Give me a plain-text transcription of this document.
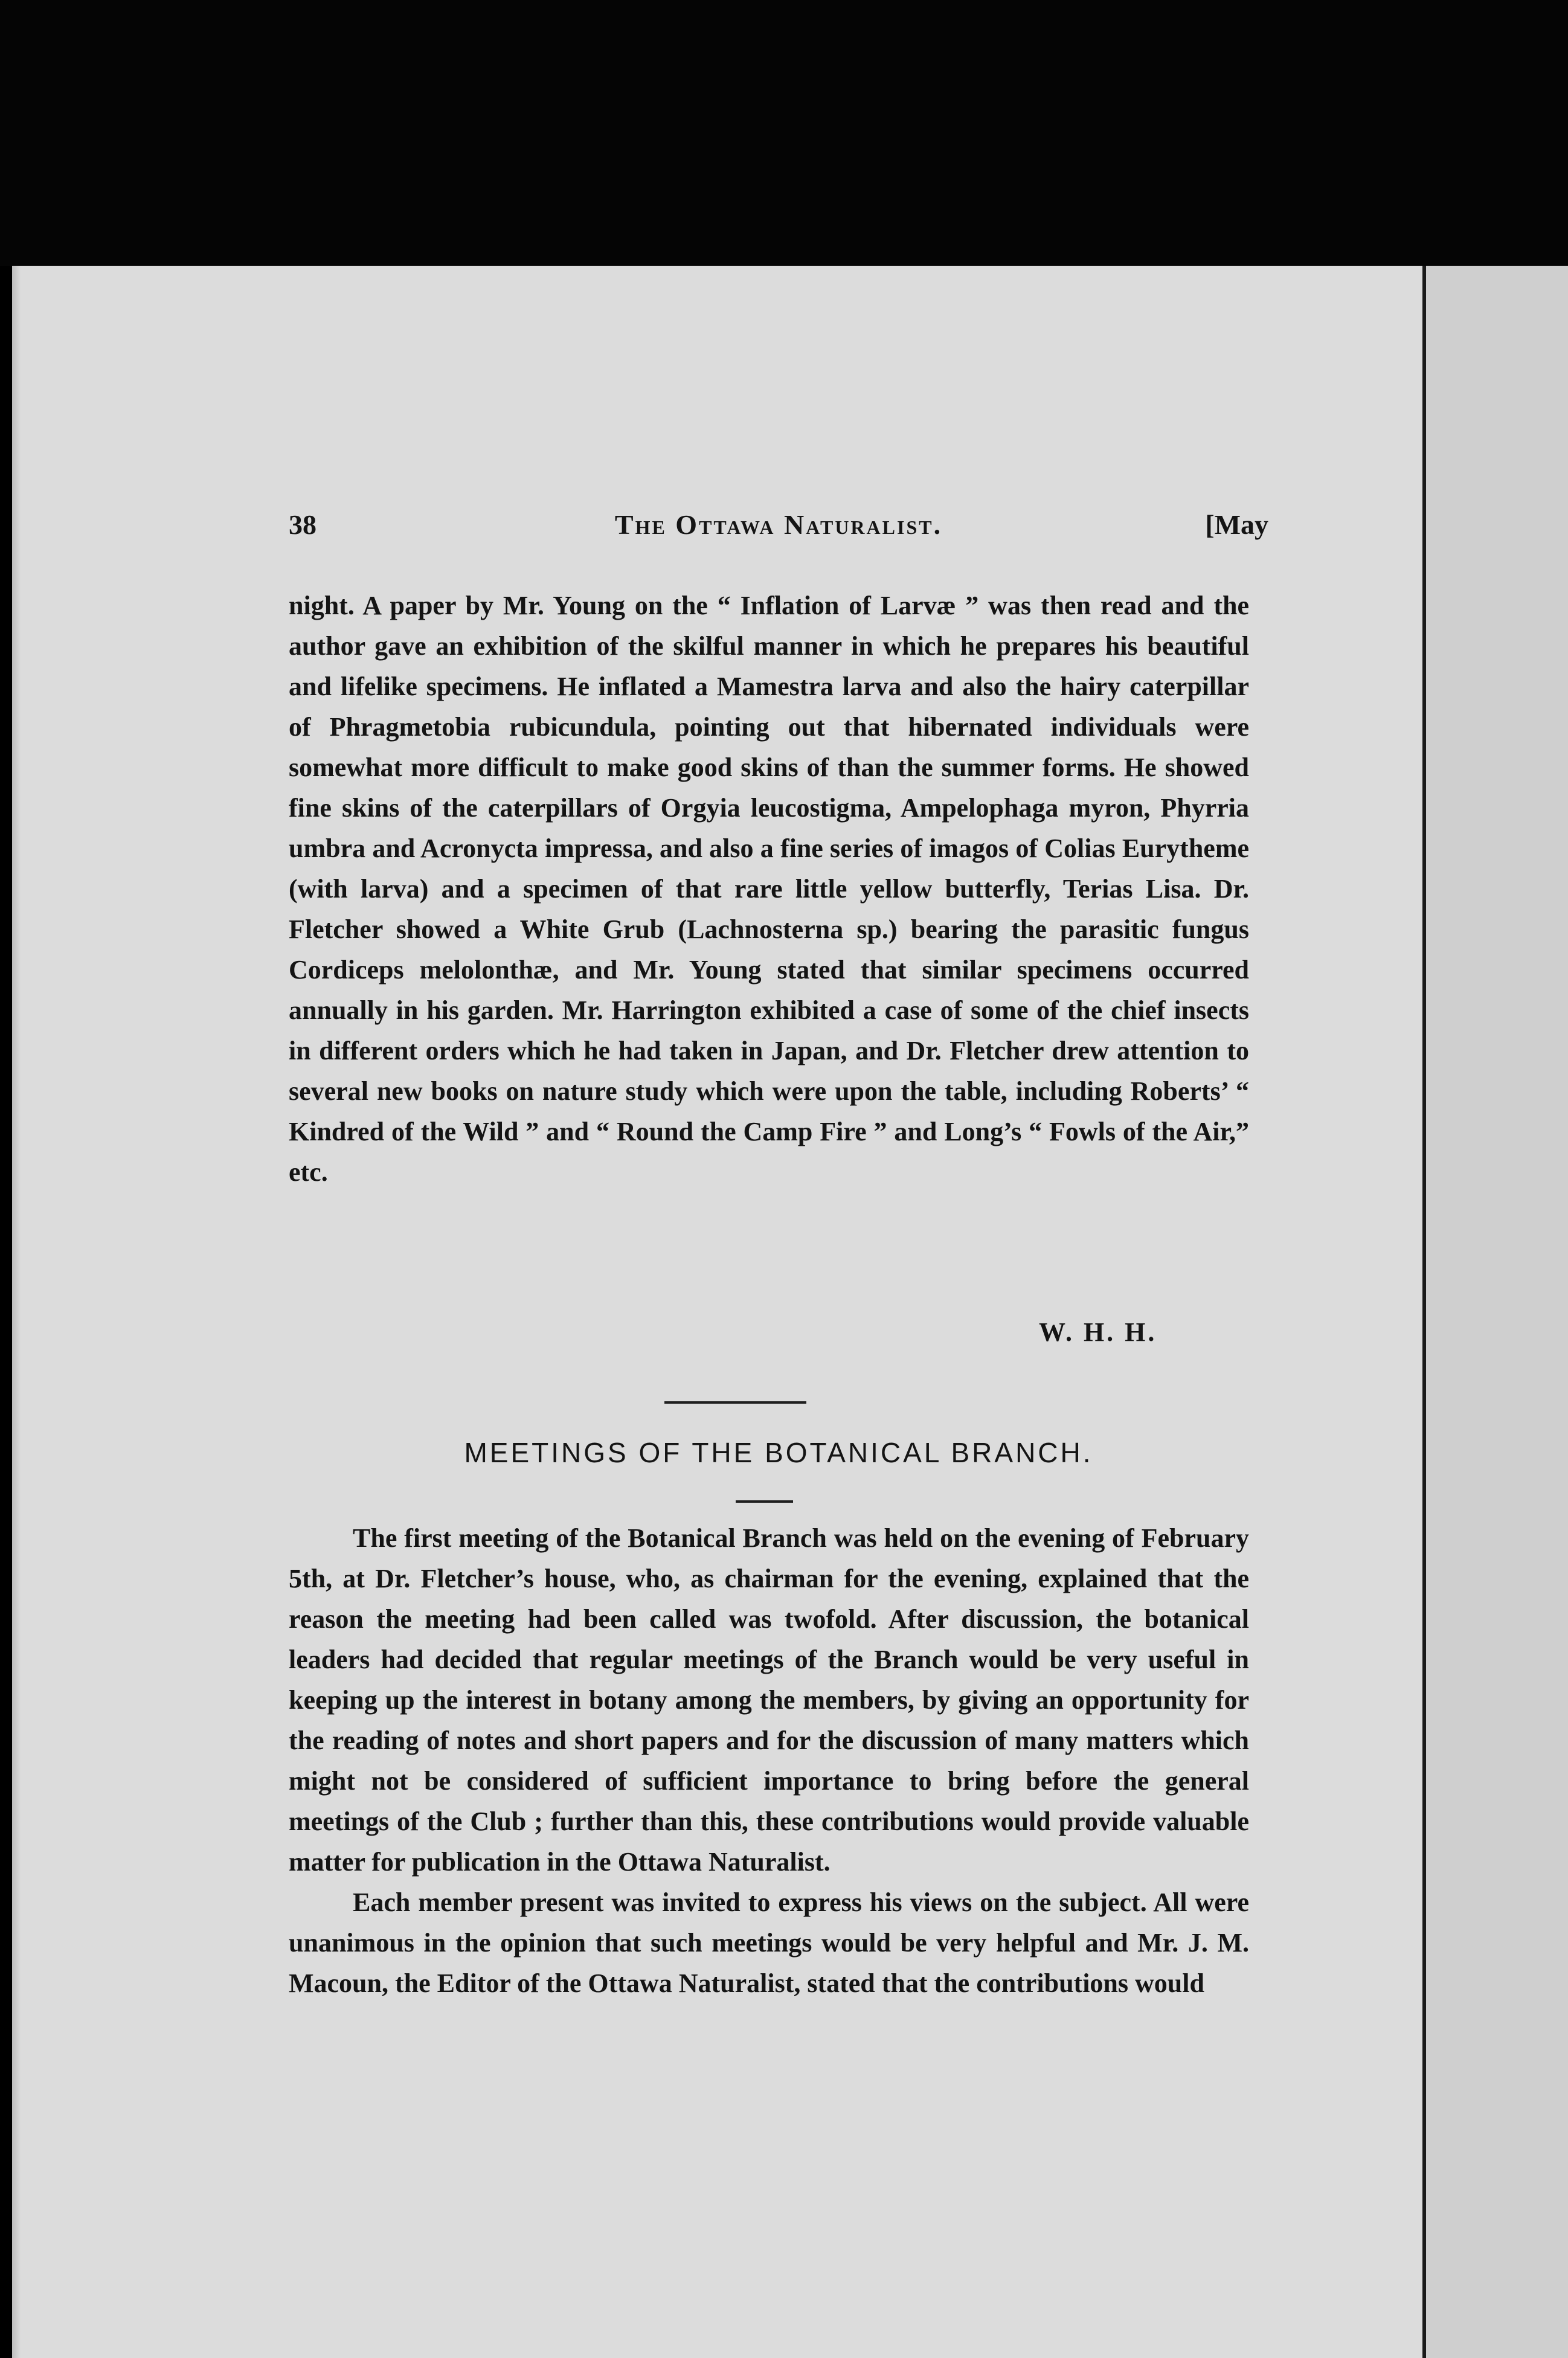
38	The Ottawa Naturalist.	[May

night. A paper by Mr. Young on the “ Inflation of Larvæ ” was then read and the author gave an exhibition of the skilful manner in which he prepares his beautiful and lifelike specimens. He inflated a Mamestra larva and also the hairy caterpillar of Phragmetobia rubicundula, pointing out that hibernated individuals were somewhat more difficult to make good skins of than the summer forms. He showed fine skins of the caterpillars of Orgyia leucostigma, Ampelophaga myron, Phyrria umbra and Acronycta impressa, and also a fine series of imagos of Colias Eurytheme (with larva) and a specimen of that rare little yellow butterfly, Terias Lisa. Dr. Fletcher showed a White Grub (Lachnosterna sp.) bearing the parasitic fungus Cordiceps melolonthæ, and Mr. Young stated that similar specimens occurred annually in his garden. Mr. Harrington exhibited a case of some of the chief insects in different orders which he had taken in Japan, and Dr. Fletcher drew attention to several new books on nature study which were upon the table, including Roberts’ “ Kindred of the Wild ” and “ Round the Camp Fire ” and Long’s “ Fowls of the Air,” etc.

W. H. H.
MEETINGS OF THE BOTANICAL BRANCH.

The first meeting of the Botanical Branch was held on the evening of February 5th, at Dr. Fletcher’s house, who, as chairman for the evening, explained that the reason the meeting had been called was twofold. After discussion, the botanical leaders had decided that regular meetings of the Branch would be very useful in keeping up the interest in botany among the members, by giving an opportunity for the reading of notes and short papers and for the discussion of many matters which might not be considered of sufficient importance to bring before the general meetings of the Club ; further than this, these contributions would provide valuable matter for publication in the Ottawa Naturalist.

Each member present was invited to express his views on the subject. All were unanimous in the opinion that such meetings would be very helpful and Mr. J. M. Macoun, the Editor of the Ottawa Naturalist, stated that the contributions would
